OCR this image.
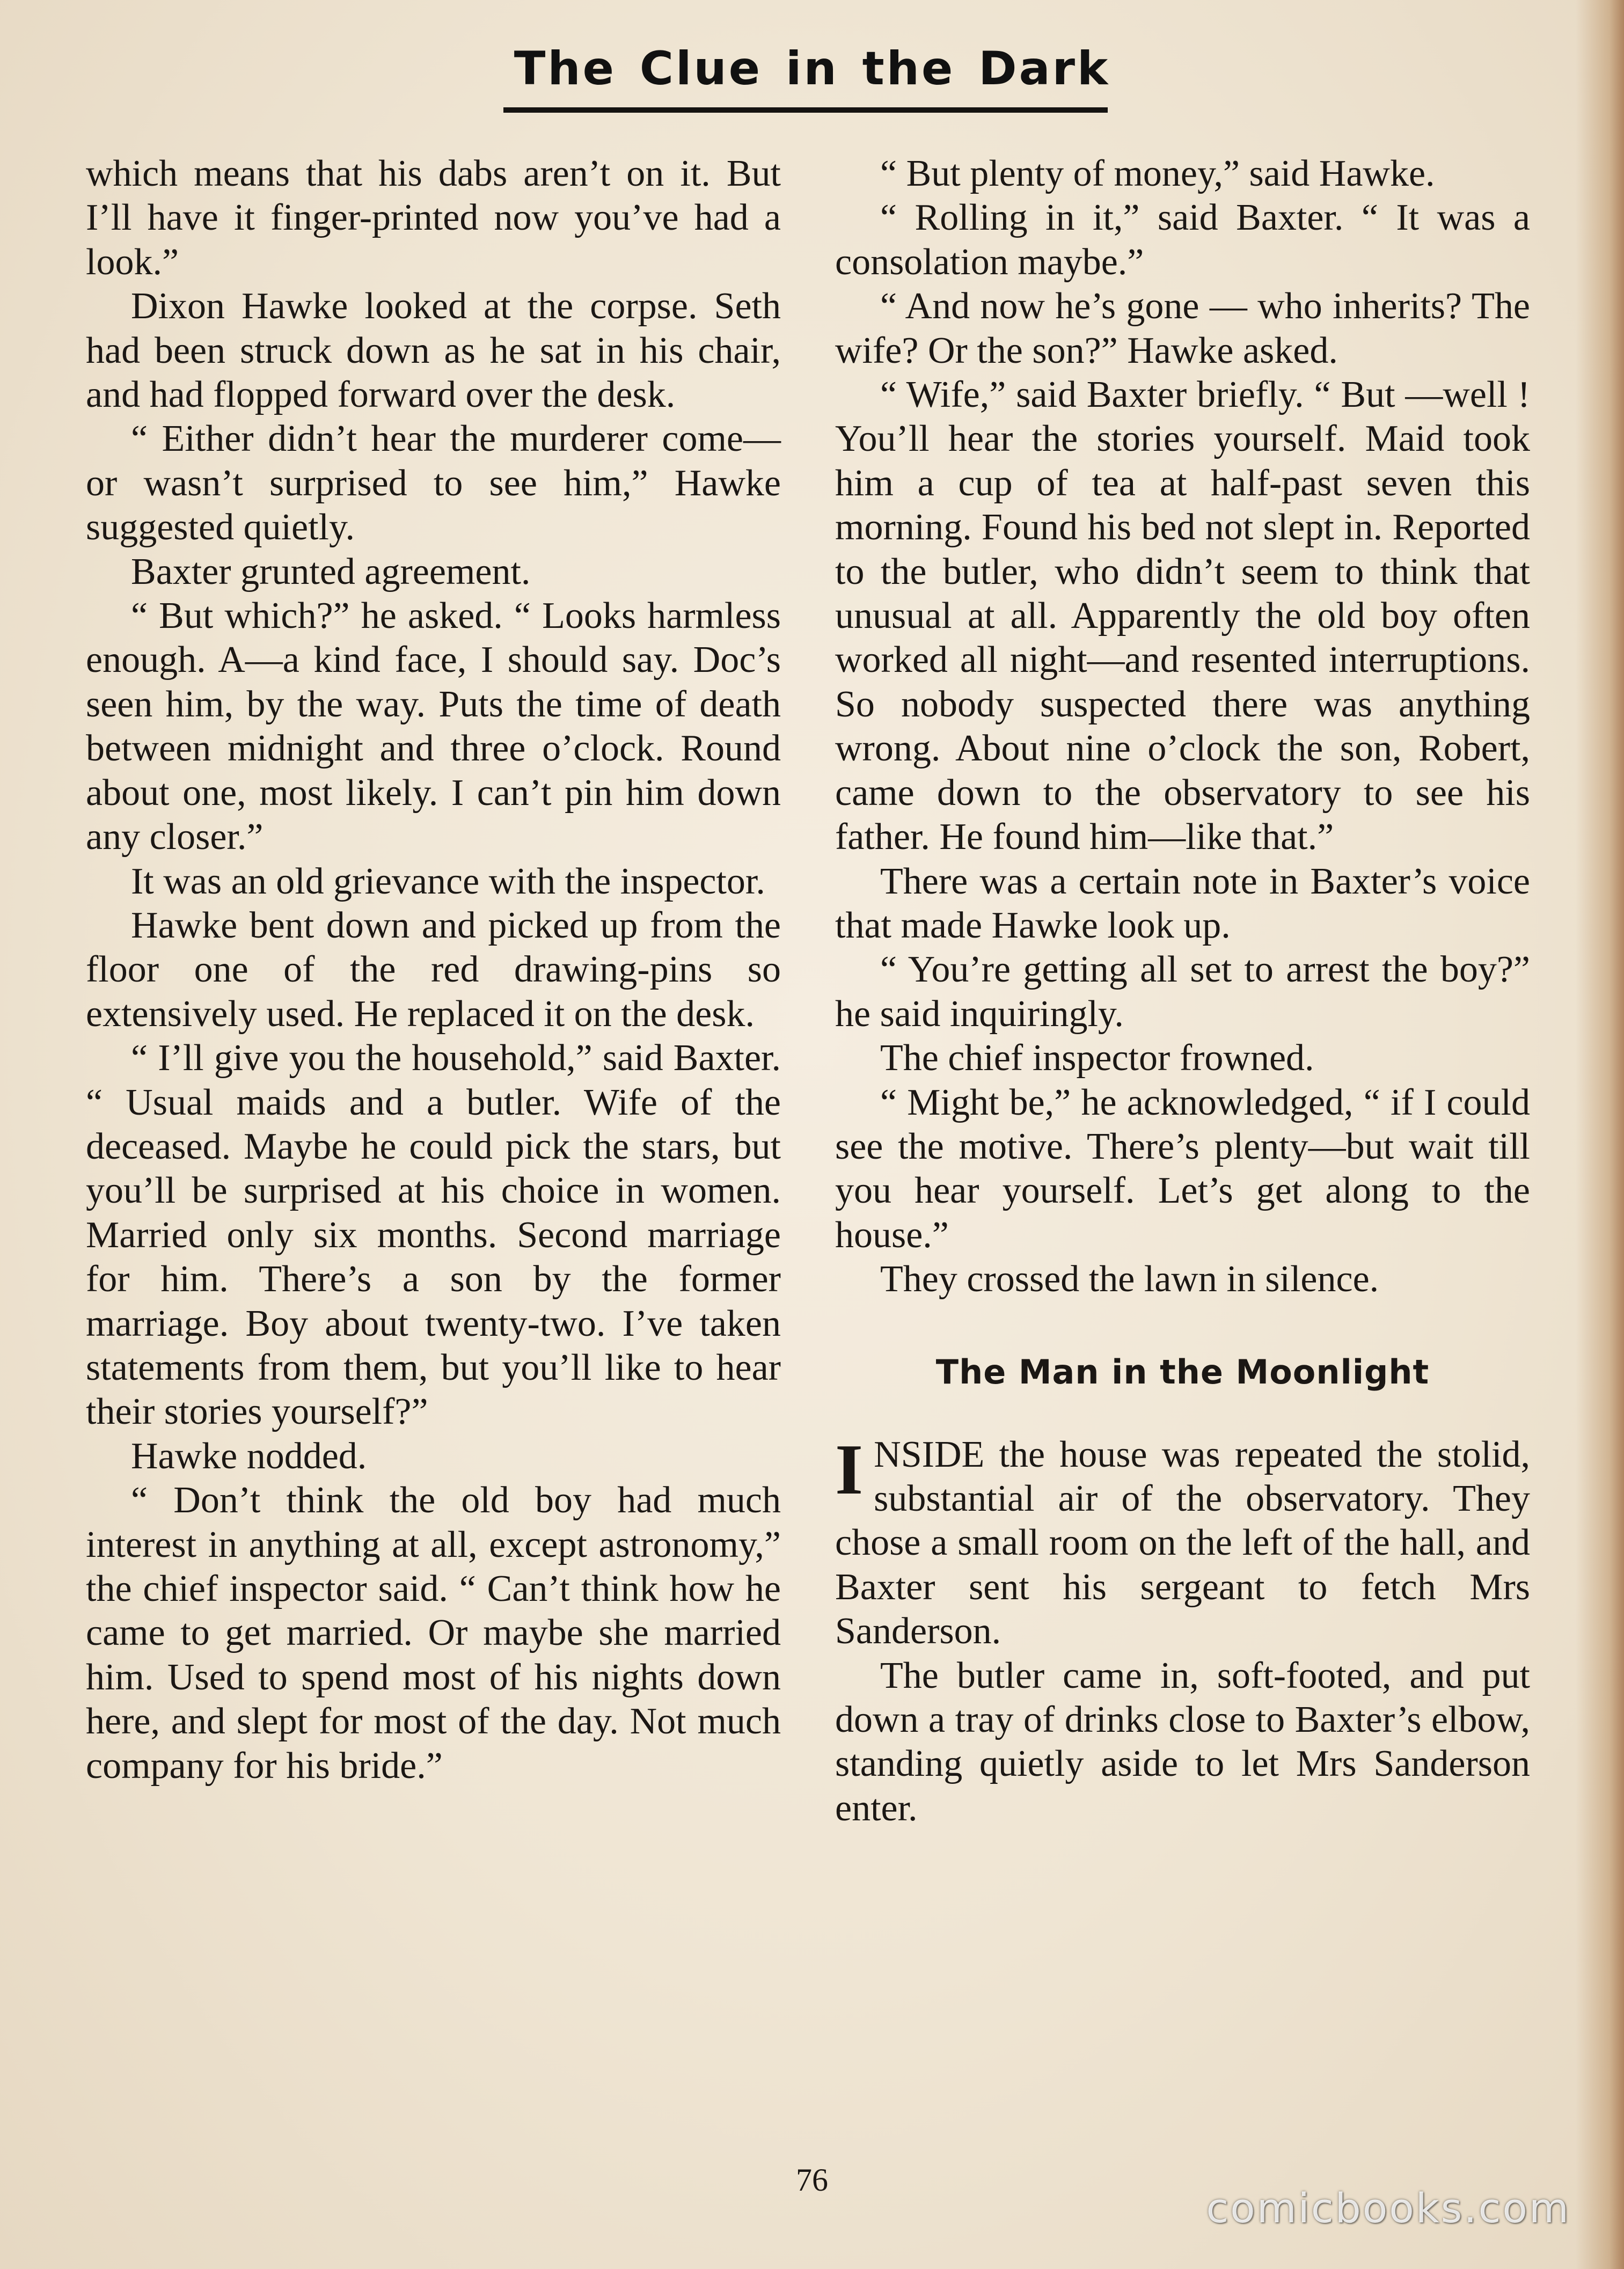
The Clue in the Dark

which means that his dabs aren’t on it. But I’ll have it finger-printed now you’ve had a look.”

Dixon Hawke looked at the corpse. Seth had been struck down as he sat in his chair, and had flopped forward over the desk.

“ Either didn’t hear the murderer come—or wasn’t surprised to see him,” Hawke suggested quietly.

Baxter grunted agreement.

“ But which?” he asked. “ Looks harmless enough. A—a kind face, I should say. Doc’s seen him, by the way. Puts the time of death between midnight and three o’clock. Round about one, most likely. I can’t pin him down any closer.”

It was an old grievance with the inspector.

Hawke bent down and picked up from the floor one of the red drawing-pins so extensively used. He replaced it on the desk.

“ I’ll give you the household,” said Baxter. “ Usual maids and a butler. Wife of the deceased. Maybe he could pick the stars, but you’ll be surprised at his choice in women. Married only six months. Second marriage for him. There’s a son by the former marriage. Boy about twenty-two. I’ve taken statements from them, but you’ll like to hear their stories yourself?”

Hawke nodded.

“ Don’t think the old boy had much interest in anything at all, except astronomy,” the chief inspector said. “ Can’t think how he came to get married. Or maybe she married him. Used to spend most of his nights down here, and slept for most of the day. Not much company for his bride.”

“ But plenty of money,” said Hawke.

“ Rolling in it,” said Baxter. “ It was a consolation maybe.”

“ And now he’s gone — who inherits? The wife? Or the son?” Hawke asked.

“ Wife,” said Baxter briefly. “ But —well ! You’ll hear the stories yourself. Maid took him a cup of tea at half-past seven this morning. Found his bed not slept in. Reported to the butler, who didn’t seem to think that unusual at all. Apparently the old boy often worked all night—and resented interruptions. So nobody suspected there was anything wrong. About nine o’clock the son, Robert, came down to the observatory to see his father. He found him—like that.”

There was a certain note in Baxter’s voice that made Hawke look up.

“ You’re getting all set to arrest the boy?” he said inquiringly.

The chief inspector frowned.

“ Might be,” he acknowledged, “ if I could see the motive. There’s plenty—but wait till you hear yourself. Let’s get along to the house.”

They crossed the lawn in silence.

The Man in the Moonlight

I NSIDE the house was repeated the stolid, substantial air of the observatory. They chose a small room on the left of the hall, and Baxter sent his sergeant to fetch Mrs Sanderson.

The butler came in, soft-footed, and put down a tray of drinks close to Baxter’s elbow, standing quietly aside to let Mrs Sanderson enter.

76

comicbooks.com
